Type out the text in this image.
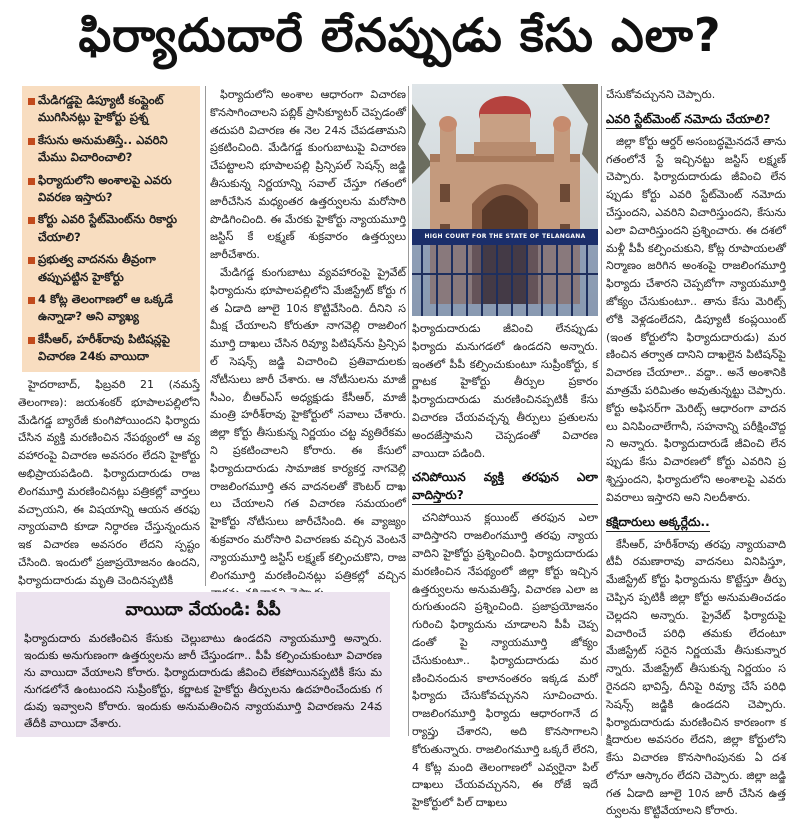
ఫిర్యాదుదారే లేనప్పుడు కేసు ఎలా?
మేడిగడ్డపై డిప్యూటీ కంప్లైంట్‌ ముగిసినట్లు హైకోర్టు ప్రశ్న
కేసును అనుమతిస్తే.. ఎవరిని మేము విచారించాలి?
ఫిర్యాదులోని అంశాలపై ఎవరు వివరణ ఇస్తారు?
కోర్టు ఎవరి స్టేట్‌మెంట్‌ను రికార్డు చేయాలి?
ప్రభుత్వ వాదనను తీవ్రంగా తప్పుపట్టిన హైకోర్టు
4 కోట్ల తెలంగాణలో ఆ ఒక్కడే ఉన్నాడా? అని వ్యాఖ్య
కేసీఆర్‌, హరీశ్‌రావు పిటిషన్లపై విచారణ 24కు వాయిదా

హైదరాబాద్‌, ఫిబ్రవరి 21 (నమస్తే తెలంగాణ): జయశంకర్‌ భూపాలపల్లిలోని మేడిగడ్డ బ్యారేజీ కుంగిపోయిందని ఫిర్యాదు చేసిన వ్యక్తి మరణించిన నేపథ్యంలో ఆ వ్యవహారంపై విచారణ అవసరం లేదని హైకోర్టు అభిప్రాయపడింది. ఫిర్యాదుదారుడు రాజలింగమూర్తి మరణించినట్లు పత్రికల్లో వార్తలు వచ్చాయని, ఈ విషయాన్ని ఆయన తరఫు న్యాయవాది కూడా నిర్ధారణ చేస్తున్నందున ఇక విచారణ అవసరం లేదని స్పష్టం చేసింది. ఇందులో ప్రజాప్రయోజనం ఉందని, ఫిర్యాదుదారుడు మృతి చెందినప్పటికీ

ఫిర్యాదులోని అంశాల ఆధారంగా విచారణ కొనసాగించాలని పబ్లిక్‌ ప్రాసిక్యూటర్‌ చెప్పడంతో తదుపరి విచారణ ఈ నెల 24న చేపడతామని ప్రకటించింది. మేడిగడ్డ కుంగుబాటుపై విచారణ చేపట్టాలని భూపాలపల్లి ప్రిన్సిపల్‌ సెషన్స్‌ జడ్జి తీసుకున్న నిర్ణయాన్ని సవాల్‌ చేస్తూ గతంలో జారీచేసిన మధ్యంతర ఉత్తర్వులను మరోసారి పొడిగించింది. ఈ మేరకు హైకోర్టు న్యాయమూర్తి జస్టిస్‌ కే లక్ష్మణ్‌ శుక్రవారం ఉత్తర్వులు జారీచేశారు.

మేడిగడ్డ కుంగుబాటు వ్యవహారంపై ప్రైవేట్‌ ఫిర్యాదును భూపాలపల్లిలోని మేజిస్ట్రేట్‌ కోర్టు గత ఏడాది జూలై 10న కొట్టివేసింది. దీనిని సమీక్ష చేయాలని కోరుతూ నాగవెల్లి రాజలింగమూర్తి దాఖలు చేసిన రివ్యూ పిటిషన్‌ను ప్రిన్సిపల్‌ సెషన్స్‌ జడ్జి విచారించి ప్రతివాదులకు నోటీసులు జారీ చేశారు. ఆ నోటీసులను మాజీ సీఎం, బీఆర్‌ఎస్‌ అధ్యక్షుడు కేసీఆర్‌, మాజీ మంత్రి హరీశ్‌రావు హైకోర్టులో సవాలు చేశారు. జిల్లా కోర్టు తీసుకున్న నిర్ణయం చట్ట వ్యతిరేకమని ప్రకటించాలని కోరారు. ఈ కేసులో ఫిర్యాదుదారుడు సామాజిక కార్యకర్త నాగవెల్లి రాజలింగమూర్తి తన వాదనలతో కౌంటర్‌ దాఖలు చేయాలని గత విచారణ సమయంలో హైకోర్టు నోటీసులు జారీచేసింది. ఈ వ్యాజ్యం శుక్రవారం మరోసారి విచారణకు వచ్చిన వెంటనే న్యాయమూర్తి జస్టిస్‌ లక్ష్మణ్‌ కల్పించుకొని, రాజలింగమూర్తి మరణించినట్లు పత్రికల్లో వచ్చిన

HIGH COURT FOR THE STATE OF TELANGANA

ఫిర్యాదుదారుడు జీవించి లేనప్పుడు ఫిర్యాదు మనుగడలో ఉండదని అన్నారు. ఇంతలో పీపీ కల్పించుకుంటూ సుప్రీంకోర్టు, కర్ణాటక హైకోర్టు తీర్పుల ప్రకారం ఫిర్యాదుదారుడు మరణించినప్పటికీ కేసు విచారణ చేయవచ్చన్న తీర్పులు ప్రతులను అందజేస్తామని చెప్పడంతో విచారణ వాయిదా పడింది.

చనిపోయిన వ్యక్తి తరఫున ఎలా వాదిస్తారు?

చనిపోయిన క్లయింట్‌ తరఫున ఎలా వాదిస్తారని రాజలింగమూర్తి తరఫు న్యాయవాదిని హైకోర్టు ప్రశ్నించింది. ఫిర్యాదుదారుడు మరణించిన నేపథ్యంలో జిల్లా కోర్టు ఇచ్చిన ఉత్తర్వులను అనుమతిస్తే, విచారణ ఎలా జరుగుతుందని ప్రశ్నించింది. ప్రజాప్రయోజనం గురించి ఫిర్యాదును చూడాలని పీపీ చెప్పడంతో పై న్యాయమూర్తి జోక్యం చేసుకుంటూ.. ఫిర్యాదుదారుడు మరణించినందున కాలానంతరం ఇక్కడ మరో ఫిర్యాదు చేసుకోవచ్చునని సూచించారు. రాజలింగమూర్తి ఫిర్యాదు ఆధారంగానే దర్యాప్తు చేశారని, అది కొనసాగాలని కోరుతున్నారు. రాజలింగమూర్తి ఒక్కరే లేరని, 4 కోట్ల మంది తెలంగాణలో ఎవ్వరైనా పిల్‌ దాఖలు చేయవచ్చునని, ఈ రోజే ఇదే హైకోర్టులో పిల్‌ దాఖలు

చేసుకోవచ్చునని చెప్పారు.

ఎవరి స్టేట్‌మెంట్‌ నమోదు చేయాలి?

జిల్లా కోర్టు ఆర్డర్‌ అసంబద్ధమైనదనే తాను గతంలోనే స్టే ఇచ్చినట్టు జస్టిస్‌ లక్ష్మణ్‌ చెప్పారు. ఫిర్యాదుదారుడు జీవించి లేనప్పుడు కోర్టు ఎవరి స్టేట్‌మెంట్‌ నమోదు చేస్తుందని, ఎవరిని విచారిస్తుందని, కేసును ఎలా విచారిస్తుందని ప్రశ్నించారు. ఈ దశలో మళ్లీ పీపీ కల్పించుకుని, కోట్ల రూపాయలతో నిర్మాణం జరిగిన అంశంపై రాజలింగమూర్తి ఫిర్యాదు చేశారని చెప్పబోగా న్యాయమూర్తి జోక్యం చేసుకుంటూ.. తాను కేసు మెరిట్స్‌ లోకి వెళ్లడంలేదని, డిప్యూటీ కంప్లయింట్‌ (ఇంత కోర్టులోని ఫిర్యాదుదారుడు) మరణించిన తర్వాత దానిని దాఖలైన పిటిషన్‌పై విచారణ చేయాలా.. వద్దా.. అనే అంశానికి మాత్రమే పరిమితం అవుతున్నట్టు చెప్పారు. కోర్టు అఫిసర్‌గా మెరిట్స్‌ ఆధారంగా వాదనలు వినిపించాలేగానీ, సహనాన్ని పరీక్షించొద్దని అన్నారు. ఫిర్యాదుదారుడే జీవించి లేనప్పుడు కేసు విచారణలో కోర్టు ఎవరిని ప్రశ్నిస్తుందని, ఫిర్యాదులోని అంశాలపై ఎవరు వివరాలు ఇస్తారని అని నిలదీశారు.

కక్షిదారులు అక్కర్లేదు..

కేసీఆర్‌, హరీశ్‌రావు తరఫు న్యాయవాది టీవీ రమణారావు వాదనలు వినిపిస్తూ, మేజిస్ట్రేట్‌ కోర్టు ఫిర్యాదును కొట్టేస్తూ తీర్పు చెప్పిన ప్పటికీ జిల్లా కోర్టు అనుమతించడం చెల్లదని అన్నారు. ప్రైవేట్‌ ఫిర్యాదుపై విచారించే పరిధి తమకు లేదంటూ మేజిస్ట్రేట్‌ సరైన నిర్ణయమే తీసుకున్నారన్నారు. మేజిస్ట్రేట్‌ తీసుకున్న నిర్ణయం సరైనదని భావిస్తే, దీనిపై రివ్యూ చేసే పరిధి సెషన్స్‌ జడ్జికి ఉండదని చెప్పారు. ఫిర్యాదుదారుడు మరణించిన కారణంగా కక్షిదారుల అవసరం లేదని, జిల్లా కోర్టులోని కేసు విచారణ కొనసాగింపునకు ఏ దశలోనూ ఆస్కారం లేదని చెప్పారు. జిల్లా జడ్జి గత ఏడాది జూలై 10న జారీ చేసిన ఉత్తర్వులను కొట్టివేయాలని కోరారు.

వాయిదా వేయండి: పీపీ
ఫిర్యాదుదారు మరణించిన కేసుకు చెల్లుబాటు ఉండదని న్యాయమూర్తి అన్నారు. ఇందుకు అనుగుణంగా ఉత్తర్వులను జారీ చేస్తుండగా.. పీపీ కల్పించుకుంటూ విచారణను వాయిదా వేయాలని కోరారు. ఫిర్యాదుదారుడు జీవించి లేకపోయినప్పటికీ కేసు మనుగడలోనే ఉంటుందని సుప్రీంకోర్టు, కర్ణాటక హైకోర్టు తీర్పులను ఉదహరించేందుకు గడువు ఇవ్వాలని కోరారు. ఇందుకు అనుమతించిన న్యాయమూర్తి విచారణను 24వ తేదీకి వాయిదా వేశారు.
